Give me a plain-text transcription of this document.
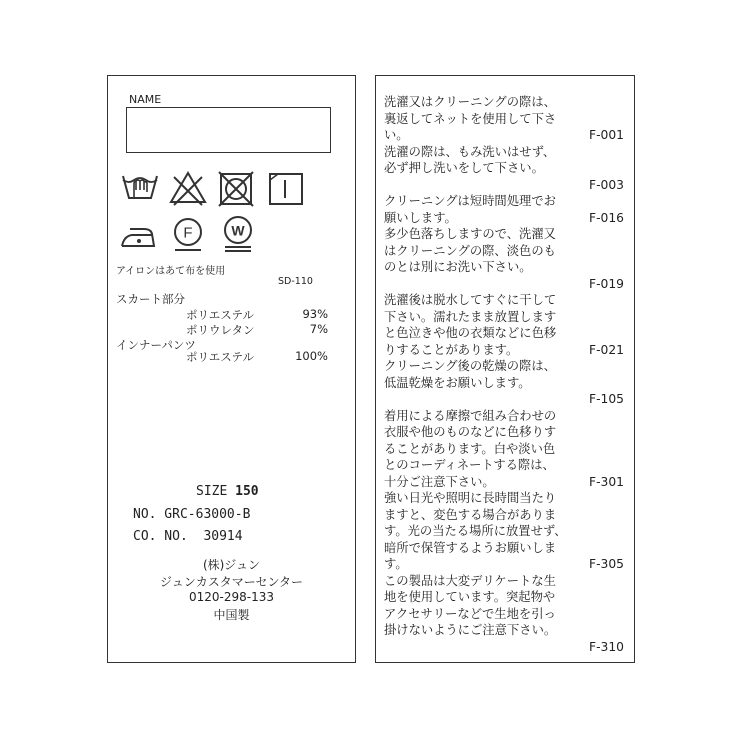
NAME
F	W
アイロンはあて布を使用
SD-110
スカート部分
ポリエステル	93%
ポリウレタン	7%
インナーパンツ
ポリエステル	100%
SIZE 150
NO. GRC-63000-B
CO. NO.  30914
(株)ジュン
ジュンカスタマーセンター
0120-298-133
中国製
洗濯又はクリーニングの際は、
裏返してネットを使用して下さ
い。	F-001
洗濯の際は、もみ洗いはせず、
必ず押し洗いをして下さい。
F-003
クリーニングは短時間処理でお
願いします。	F-016
多少色落ちしますので、洗濯又
はクリーニングの際、淡色のも
のとは別にお洗い下さい。
F-019
洗濯後は脱水してすぐに干して
下さい。濡れたまま放置します
と色泣きや他の衣類などに色移
りすることがあります。	F-021
クリーニング後の乾燥の際は、
低温乾燥をお願いします。
F-105
着用による摩擦で組み合わせの
衣服や他のものなどに色移りす
ることがあります。白や淡い色
とのコーディネートする際は、
十分ご注意下さい。	F-301
強い日光や照明に長時間当たり
ますと、変色する場合がありま
す。光の当たる場所に放置せず、
暗所で保管するようお願いしま
す。	F-305
この製品は大変デリケートな生
地を使用しています。突起物や
アクセサリーなどで生地を引っ
掛けないようにご注意下さい。
F-310
